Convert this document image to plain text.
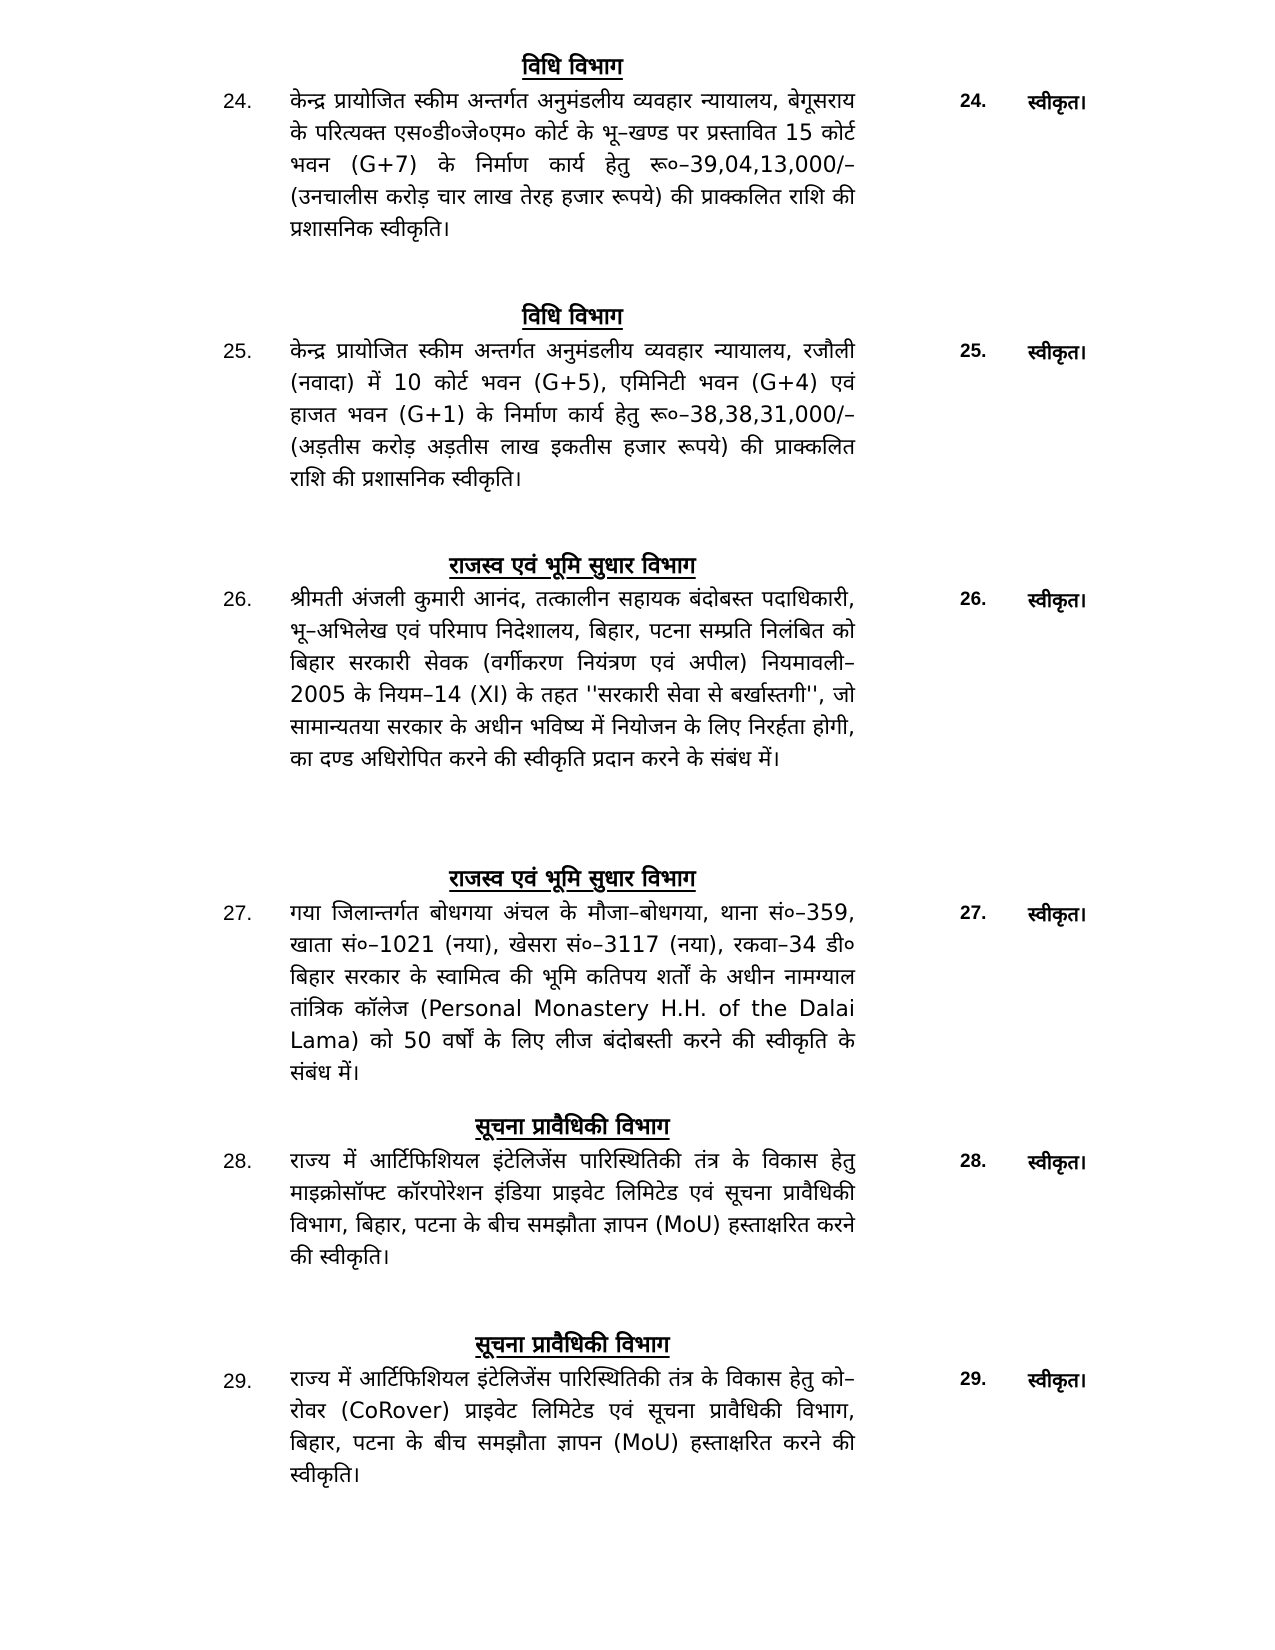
विधि विभाग
24. केन्द्र प्रायोजित स्कीम अन्तर्गत अनुमंडलीय व्यवहार न्यायालय, बेगूसराय के परित्यक्त एस०डी०जे०एम० कोर्ट के भू–खण्ड पर प्रस्तावित 15 कोर्ट भवन (G+7) के निर्माण कार्य हेतु रू०–39,04,13,000/– (उनचालीस करोड़ चार लाख तेरह हजार रूपये) की प्राक्कलित राशि की प्रशासनिक स्वीकृति।
24. स्वीकृत।
विधि विभाग
25. केन्द्र प्रायोजित स्कीम अन्तर्गत अनुमंडलीय व्यवहार न्यायालय, रजौली (नवादा) में 10 कोर्ट भवन (G+5), एमिनिटी भवन (G+4) एवं हाजत भवन (G+1) के निर्माण कार्य हेतु रू०–38,38,31,000/–(अड़तीस करोड़ अड़तीस लाख इकतीस हजार रूपये) की प्राक्कलित राशि की प्रशासनिक स्वीकृति।
25. स्वीकृत।
राजस्व एवं भूमि सुधार विभाग
26. श्रीमती अंजली कुमारी आनंद, तत्कालीन सहायक बंदोबस्त पदाधिकारी, भू–अभिलेख एवं परिमाप निदेशालय, बिहार, पटना सम्प्रति निलंबित को बिहार सरकारी सेवक (वर्गीकरण नियंत्रण एवं अपील) नियमावली–2005 के नियम–14 (XI) के तहत ''सरकारी सेवा से बर्खास्तगी'', जो सामान्यतया सरकार के अधीन भविष्य में नियोजन के लिए निरर्हता होगी, का दण्ड अधिरोपित करने की स्वीकृति प्रदान करने के संबंध में।
26. स्वीकृत।
राजस्व एवं भूमि सुधार विभाग
27. गया जिलान्तर्गत बोधगया अंचल के मौजा–बोधगया, थाना सं०–359, खाता सं०–1021 (नया), खेसरा सं०–3117 (नया), रकवा–34 डी० बिहार सरकार के स्वामित्व की भूमि कतिपय शर्तों के अधीन नामग्याल तांत्रिक कॉलेज (Personal Monastery H.H. of the Dalai Lama) को 50 वर्षों के लिए लीज बंदोबस्ती करने की स्वीकृति के संबंध में।
27. स्वीकृत।
सूचना प्रावैधिकी विभाग
28. राज्य में आर्टिफिशियल इंटेलिजेंस पारिस्थितिकी तंत्र के विकास हेतु माइक्रोसॉफ्ट कॉरपोरेशन इंडिया प्राइवेट लिमिटेड एवं सूचना प्रावैधिकी विभाग, बिहार, पटना के बीच समझौता ज्ञापन (MoU) हस्ताक्षरित करने की स्वीकृति।
28. स्वीकृत।
सूचना प्रावैधिकी विभाग
29. राज्य में आर्टिफिशियल इंटेलिजेंस पारिस्थितिकी तंत्र के विकास हेतु को–रोवर (CoRover) प्राइवेट लिमिटेड एवं सूचना प्रावैधिकी विभाग, बिहार, पटना के बीच समझौता ज्ञापन (MoU) हस्ताक्षरित करने की स्वीकृति।
29. स्वीकृत।
